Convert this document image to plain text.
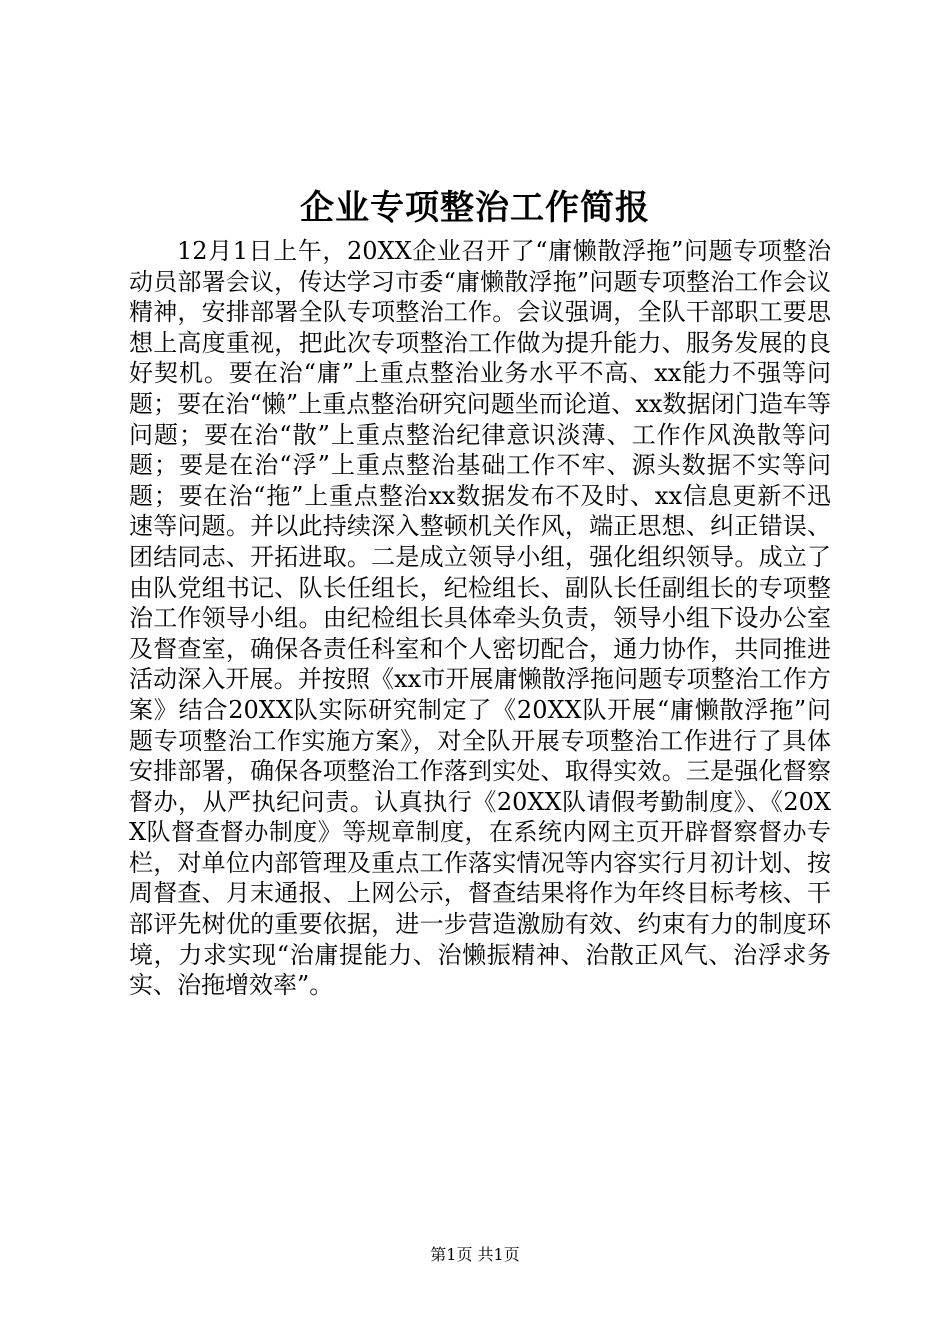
企业专项整治工作简报

12月1日上午，20XX企业召开了“庸懒散浮拖”问题专项整治动员部署会议，传达学习市委“庸懒散浮拖”问题专项整治工作会议精神，安排部署全队专项整治工作。会议强调，全队干部职工要思想上高度重视，把此次专项整治工作做为提升能力、服务发展的良好契机。要在治“庸”上重点整治业务水平不高、xx能力不强等问题；要在治“懒”上重点整治研究问题坐而论道、xx数据闭门造车等问题；要在治“散”上重点整治纪律意识淡薄、工作作风涣散等问题；要是在治“浮”上重点整治基础工作不牢、源头数据不实等问题；要在治“拖”上重点整治xx数据发布不及时、xx信息更新不迅速等问题。并以此持续深入整顿机关作风，端正思想、纠正错误、团结同志、开拓进取。二是成立领导小组，强化组织领导。成立了由队党组书记、队长任组长，纪检组长、副队长任副组长的专项整治工作领导小组。由纪检组长具体牵头负责，领导小组下设办公室及督查室，确保各责任科室和个人密切配合，通力协作，共同推进活动深入开展。并按照《xx市开展庸懒散浮拖问题专项整治工作方案》结合20XX队实际研究制定了《20XX队开展“庸懒散浮拖”问题专项整治工作实施方案》，对全队开展专项整治工作进行了具体安排部署，确保各项整治工作落到实处、取得实效。三是强化督察督办，从严执纪问责。认真执行《20XX队请假考勤制度》、《20XX队督查督办制度》等规章制度，在系统内网主页开辟督察督办专栏，对单位内部管理及重点工作落实情况等内容实行月初计划、按周督查、月末通报、上网公示，督查结果将作为年终目标考核、干部评先树优的重要依据，进一步营造激励有效、约束有力的制度环境，力求实现“治庸提能力、治懒振精神、治散正风气、治浮求务实、治拖增效率”。

第1页 共1页
